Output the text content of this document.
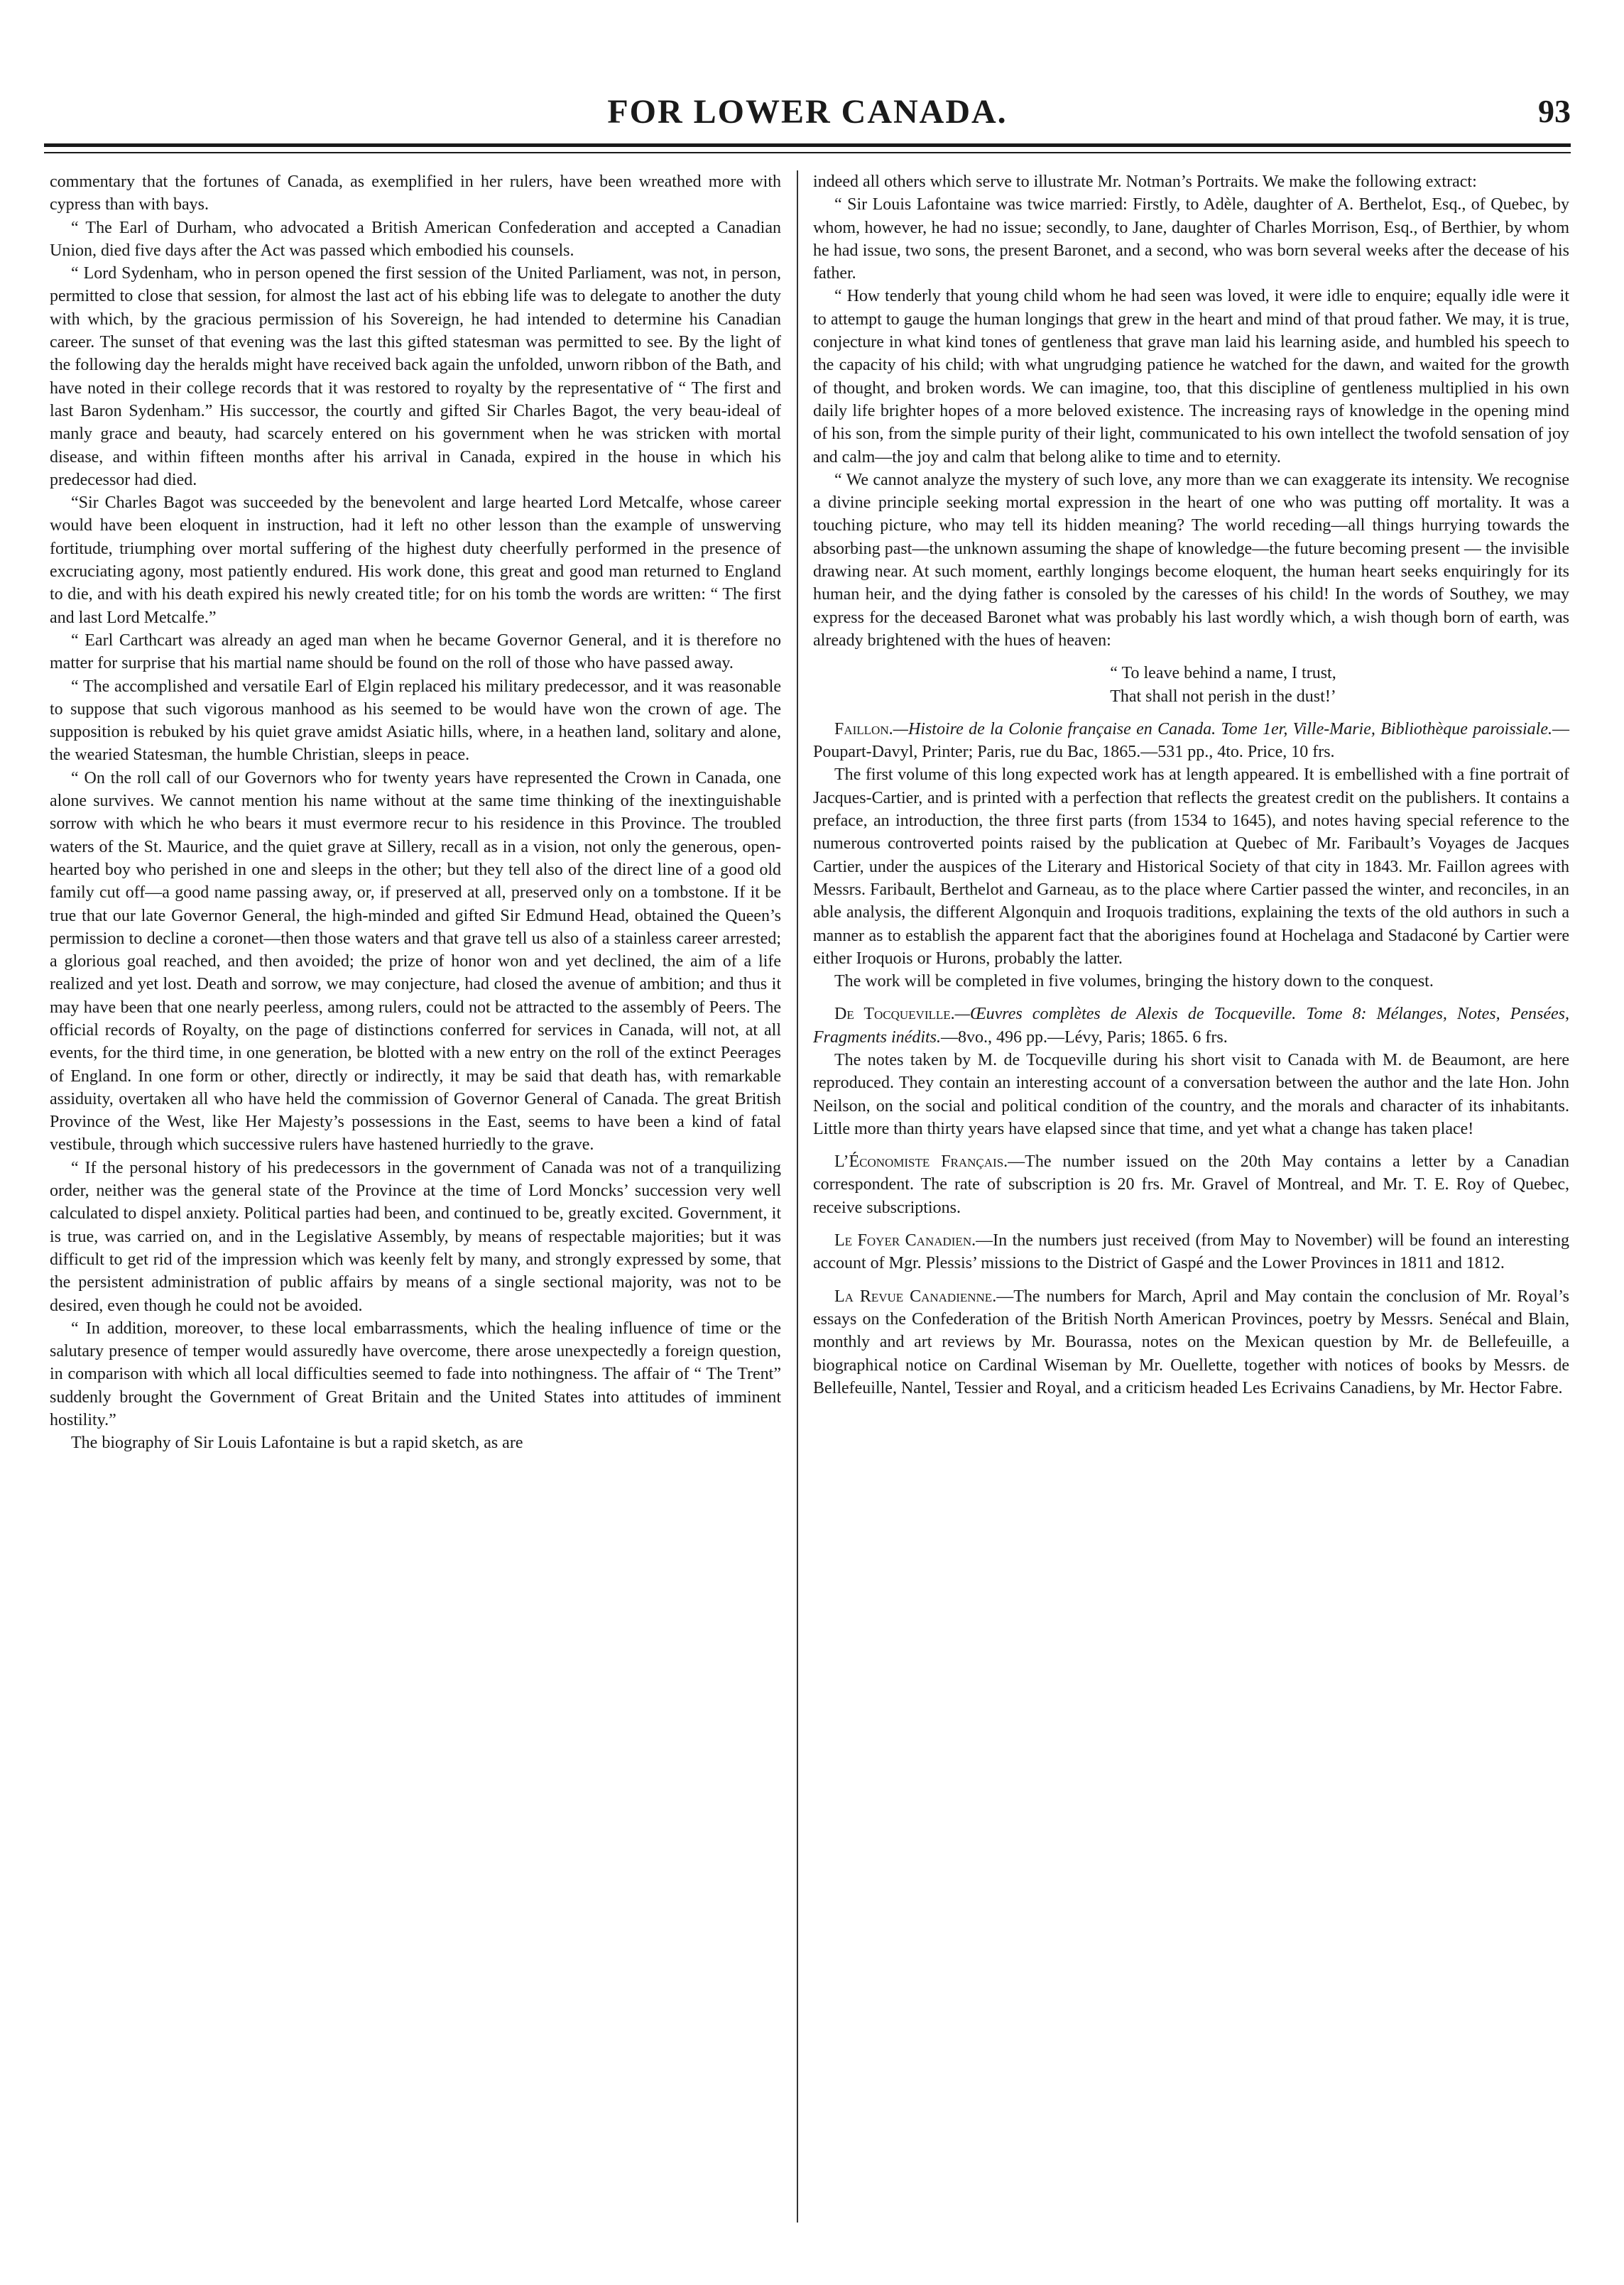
FOR LOWER CANADA.	93

commentary that the fortunes of Canada, as exemplified in her rulers, have been wreathed more with cypress than with bays.

“ The Earl of Durham, who advocated a British American Confederation and accepted a Canadian Union, died five days after the Act was passed which embodied his counsels.

“ Lord Sydenham, who in person opened the first session of the United Parliament, was not, in person, permitted to close that session, for almost the last act of his ebbing life was to delegate to another the duty with which, by the gracious permission of his Sovereign, he had intended to determine his Canadian career. The sunset of that evening was the last this gifted statesman was permitted to see. By the light of the following day the heralds might have received back again the unfolded, unworn ribbon of the Bath, and have noted in their college records that it was restored to royalty by the representative of “ The first and last Baron Sydenham.” His successor, the courtly and gifted Sir Charles Bagot, the very beau-ideal of manly grace and beauty, had scarcely entered on his government when he was stricken with mortal disease, and within fifteen months after his arrival in Canada, expired in the house in which his predecessor had died.

“Sir Charles Bagot was succeeded by the benevolent and large hearted Lord Metcalfe, whose career would have been eloquent in instruction, had it left no other lesson than the example of unswerving fortitude, triumphing over mortal suffering of the highest duty cheerfully performed in the presence of excruciating agony, most patiently endured. His work done, this great and good man returned to England to die, and with his death expired his newly created title; for on his tomb the words are written: “ The first and last Lord Metcalfe.”

“ Earl Carthcart was already an aged man when he became Governor General, and it is therefore no matter for surprise that his martial name should be found on the roll of those who have passed away.

“ The accomplished and versatile Earl of Elgin replaced his military predecessor, and it was reasonable to suppose that such vigorous manhood as his seemed to be would have won the crown of age. The supposition is rebuked by his quiet grave amidst Asiatic hills, where, in a heathen land, solitary and alone, the wearied Statesman, the humble Christian, sleeps in peace.

“ On the roll call of our Governors who for twenty years have represented the Crown in Canada, one alone survives. We cannot mention his name without at the same time thinking of the inextinguishable sorrow with which he who bears it must evermore recur to his residence in this Province. The troubled waters of the St. Maurice, and the quiet grave at Sillery, recall as in a vision, not only the generous, open-hearted boy who perished in one and sleeps in the other; but they tell also of the direct line of a good old family cut off—a good name passing away, or, if preserved at all, preserved only on a tombstone. If it be true that our late Governor General, the high-minded and gifted Sir Edmund Head, obtained the Queen’s permission to decline a coronet—then those waters and that grave tell us also of a stainless career arrested; a glorious goal reached, and then avoided; the prize of honor won and yet declined, the aim of a life realized and yet lost. Death and sorrow, we may conjecture, had closed the avenue of ambition; and thus it may have been that one nearly peerless, among rulers, could not be attracted to the assembly of Peers. The official records of Royalty, on the page of distinctions conferred for services in Canada, will not, at all events, for the third time, in one generation, be blotted with a new entry on the roll of the extinct Peerages of England. In one form or other, directly or indirectly, it may be said that death has, with remarkable assiduity, overtaken all who have held the commission of Governor General of Canada. The great British Province of the West, like Her Majesty’s possessions in the East, seems to have been a kind of fatal vestibule, through which successive rulers have hastened hurriedly to the grave.

“ If the personal history of his predecessors in the government of Canada was not of a tranquilizing order, neither was the general state of the Province at the time of Lord Moncks’ succession very well calculated to dispel anxiety. Political parties had been, and continued to be, greatly excited. Government, it is true, was carried on, and in the Legislative Assembly, by means of respectable majorities; but it was difficult to get rid of the impression which was keenly felt by many, and strongly expressed by some, that the persistent administration of public affairs by means of a single sectional majority, was not to be desired, even though he could not be avoided.

“ In addition, moreover, to these local embarrassments, which the healing influence of time or the salutary presence of temper would assuredly have overcome, there arose unexpectedly a foreign question, in comparison with which all local difficulties seemed to fade into nothingness. The affair of “ The Trent” suddenly brought the Government of Great Britain and the United States into attitudes of imminent hostility.”

The biography of Sir Louis Lafontaine is but a rapid sketch, as are

indeed all others which serve to illustrate Mr. Notman’s Portraits. We make the following extract:

“ Sir Louis Lafontaine was twice married: Firstly, to Adèle, daughter of A. Berthelot, Esq., of Quebec, by whom, however, he had no issue; secondly, to Jane, daughter of Charles Morrison, Esq., of Berthier, by whom he had issue, two sons, the present Baronet, and a second, who was born several weeks after the decease of his father.

“ How tenderly that young child whom he had seen was loved, it were idle to enquire; equally idle were it to attempt to gauge the human longings that grew in the heart and mind of that proud father. We may, it is true, conjecture in what kind tones of gentleness that grave man laid his learning aside, and humbled his speech to the capacity of his child; with what ungrudging patience he watched for the dawn, and waited for the growth of thought, and broken words. We can imagine, too, that this discipline of gentleness multiplied in his own daily life brighter hopes of a more beloved existence. The increasing rays of knowledge in the opening mind of his son, from the simple purity of their light, communicated to his own intellect the twofold sensation of joy and calm—the joy and calm that belong alike to time and to eternity.

“ We cannot analyze the mystery of such love, any more than we can exaggerate its intensity. We recognise a divine principle seeking mortal expression in the heart of one who was putting off mortality. It was a touching picture, who may tell its hidden meaning? The world receding—all things hurrying towards the absorbing past—the unknown assuming the shape of knowledge—the future becoming present — the invisible drawing near. At such moment, earthly longings become eloquent, the human heart seeks enquiringly for its human heir, and the dying father is consoled by the caresses of his child! In the words of Southey, we may express for the deceased Baronet what was probably his last wordly which, a wish though born of earth, was already brightened with the hues of heaven:

“ To leave behind a name, I trust,

That shall not perish in the dust!’

Faillon.—Histoire de la Colonie française en Canada. Tome 1er, Ville-Marie, Bibliothèque paroissiale.—Poupart-Davyl, Printer; Paris, rue du Bac, 1865.—531 pp., 4to. Price, 10 frs.

The first volume of this long expected work has at length appeared. It is embellished with a fine portrait of Jacques-Cartier, and is printed with a perfection that reflects the greatest credit on the publishers. It contains a preface, an introduction, the three first parts (from 1534 to 1645), and notes having special reference to the numerous controverted points raised by the publication at Quebec of Mr. Faribault’s Voyages de Jacques Cartier, under the auspices of the Literary and Historical Society of that city in 1843. Mr. Faillon agrees with Messrs. Faribault, Berthelot and Garneau, as to the place where Cartier passed the winter, and reconciles, in an able analysis, the different Algonquin and Iroquois traditions, explaining the texts of the old authors in such a manner as to establish the apparent fact that the aborigines found at Hochelaga and Stadaconé by Cartier were either Iroquois or Hurons, probably the latter.

The work will be completed in five volumes, bringing the history down to the conquest.

De Tocqueville.—Œuvres complètes de Alexis de Tocqueville. Tome 8: Mélanges, Notes, Pensées, Fragments inédits.—8vo., 496 pp.—Lévy, Paris; 1865. 6 frs.

The notes taken by M. de Tocqueville during his short visit to Canada with M. de Beaumont, are here reproduced. They contain an interesting account of a conversation between the author and the late Hon. John Neilson, on the social and political condition of the country, and the morals and character of its inhabitants. Little more than thirty years have elapsed since that time, and yet what a change has taken place!

L’Économiste Français.—The number issued on the 20th May contains a letter by a Canadian correspondent. The rate of subscription is 20 frs. Mr. Gravel of Montreal, and Mr. T. E. Roy of Quebec, receive subscriptions.

Le Foyer Canadien.—In the numbers just received (from May to November) will be found an interesting account of Mgr. Plessis’ missions to the District of Gaspé and the Lower Provinces in 1811 and 1812.

La Revue Canadienne.—The numbers for March, April and May contain the conclusion of Mr. Royal’s essays on the Confederation of the British North American Provinces, poetry by Messrs. Senécal and Blain, monthly and art reviews by Mr. Bourassa, notes on the Mexican question by Mr. de Bellefeuille, a biographical notice on Cardinal Wiseman by Mr. Ouellette, together with notices of books by Messrs. de Bellefeuille, Nantel, Tessier and Royal, and a criticism headed Les Ecrivains Canadiens, by Mr. Hector Fabre.
